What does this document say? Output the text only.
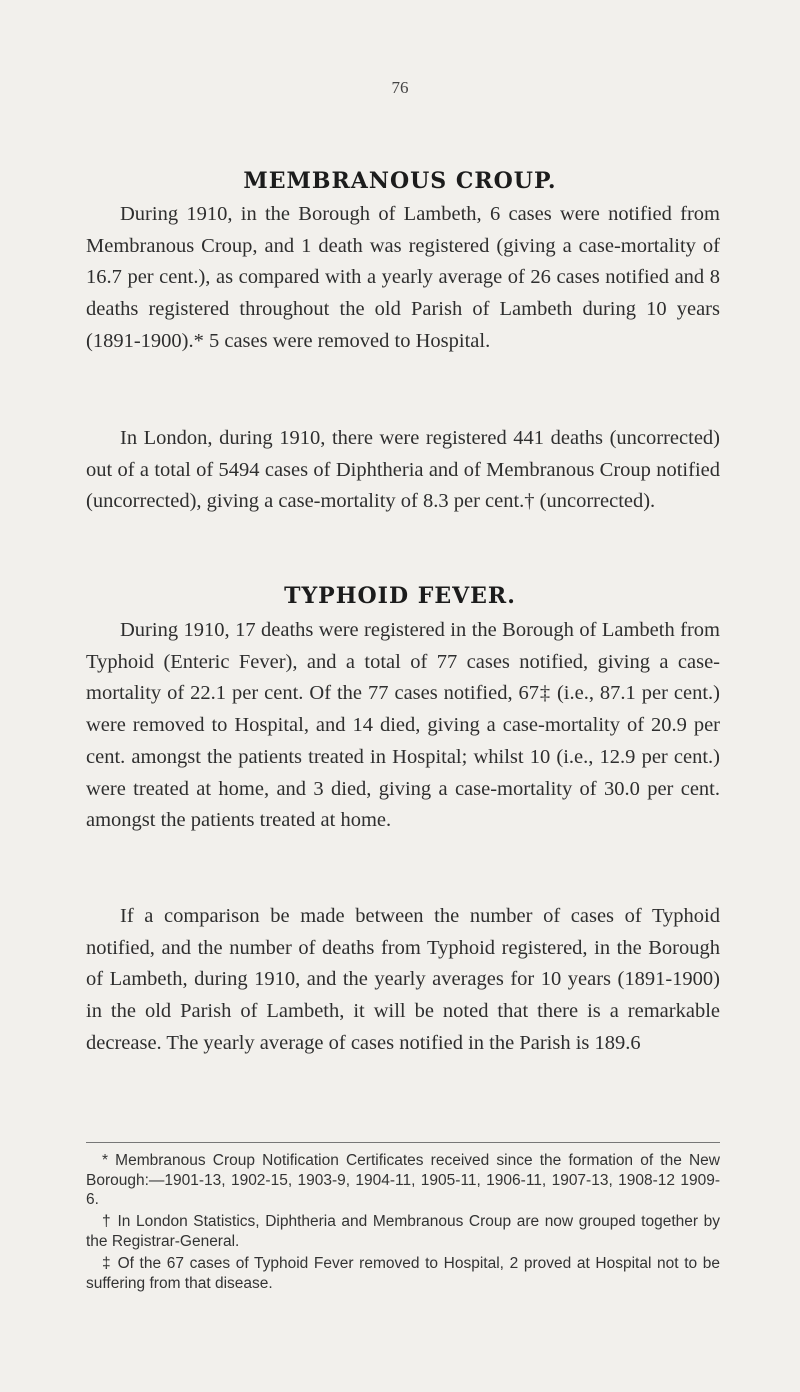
76
MEMBRANOUS CROUP.

During 1910, in the Borough of Lambeth, 6 cases were notified from Membranous Croup, and 1 death was registered (giving a case-mortality of 16.7 per cent.), as compared with a yearly average of 26 cases notified and 8 deaths registered throughout the old Parish of Lambeth during 10 years (1891-1900).* 5 cases were removed to Hospital.

In London, during 1910, there were registered 441 deaths (uncorrected) out of a total of 5494 cases of Diphtheria and of Membranous Croup notified (uncorrected), giving a case-mortality of 8.3 per cent.† (uncorrected).

TYPHOID FEVER.

During 1910, 17 deaths were registered in the Borough of Lambeth from Typhoid (Enteric Fever), and a total of 77 cases notified, giving a case-mortality of 22.1 per cent. Of the 77 cases notified, 67‡ (i.e., 87.1 per cent.) were removed to Hospital, and 14 died, giving a case-mortality of 20.9 per cent. amongst the patients treated in Hospital; whilst 10 (i.e., 12.9 per cent.) were treated at home, and 3 died, giving a case-mortality of 30.0 per cent. amongst the patients treated at home.

If a comparison be made between the number of cases of Typhoid notified, and the number of deaths from Typhoid registered, in the Borough of Lambeth, during 1910, and the yearly averages for 10 years (1891-1900) in the old Parish of Lambeth, it will be noted that there is a remarkable decrease. The yearly average of cases notified in the Parish is 189.6

* Membranous Croup Notification Certificates received since the formation of the New Borough:—1901-13, 1902-15, 1903-9, 1904-11, 1905-11, 1906-11, 1907-13, 1908-12 1909-6.

† In London Statistics, Diphtheria and Membranous Croup are now grouped together by the Registrar-General.

‡ Of the 67 cases of Typhoid Fever removed to Hospital, 2 proved at Hospital not to be suffering from that disease.
